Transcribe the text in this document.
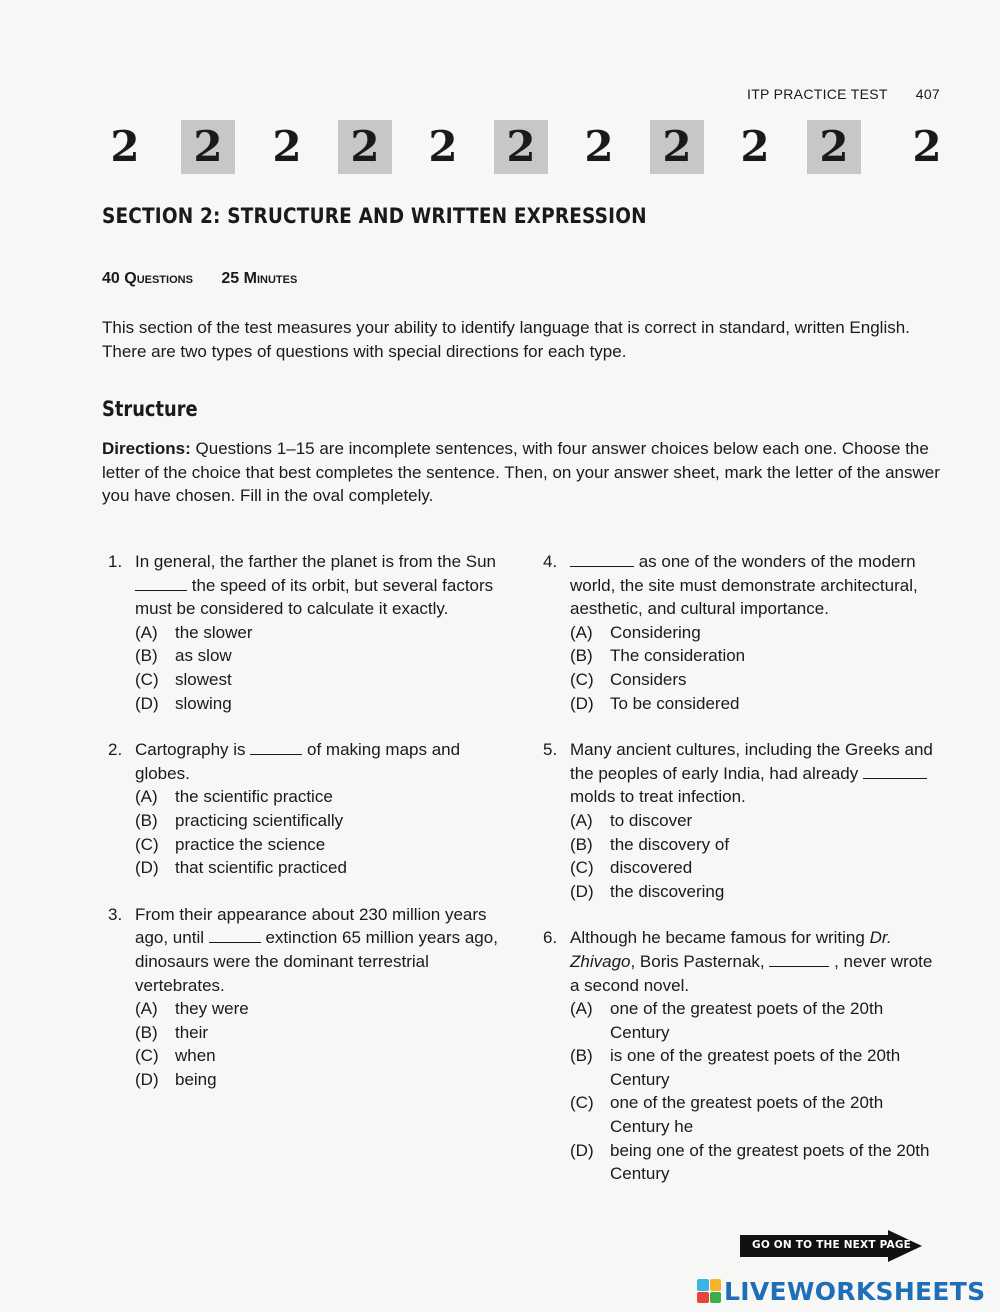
ITP PRACTICE TEST 407
2 2 2 2 2 2 2 2 2 2 2
SECTION 2: STRUCTURE AND WRITTEN EXPRESSION
40 Questions 25 Minutes
This section of the test measures your ability to identify language that is correct in standard, written English. There are two types of questions with special directions for each type.
Structure
Directions: Questions 1–15 are incomplete sentences, with four answer choices below each one. Choose the letter of the choice that best completes the sentence. Then, on your answer sheet, mark the letter of the answer you have chosen. Fill in the oval completely.
1. In general, the farther the planet is from the Sun  the speed of its orbit, but several factors must be considered to calculate it exactly.
(A) the slower
(B) as slow
(C) slowest
(D) slowing
2. Cartography is	of making maps and globes.
(A) the scientific practice
(B) practicing scientifically
(C) practice the science
(D) that scientific practiced
3. From their appearance about 230 million years ago, until	extinction 65 million years ago, dinosaurs were the dominant terrestrial vertebrates.
(A) they were
(B) their
(C) when
(D) being
4.	as one of the wonders of the modern world, the site must demonstrate architectural, aesthetic, and cultural importance.
(A) Considering
(B) The consideration
(C) Considers
(D) To be considered
5. Many ancient cultures, including the Greeks and the peoples of early India, had already  molds to treat infection.
(A) to discover
(B) the discovery of
(C) discovered
(D) the discovering
6. Although he became famous for writing Dr. Zhivago, Boris Pasternak,	, never wrote a second novel.
(A) one of the greatest poets of the 20th Century
(B) is one of the greatest poets of the 20th Century
(C) one of the greatest poets of the 20th Century he
(D) being one of the greatest poets of the 20th Century
GO ON TO THE NEXT PAGE
LIVEWORKSHEETS
